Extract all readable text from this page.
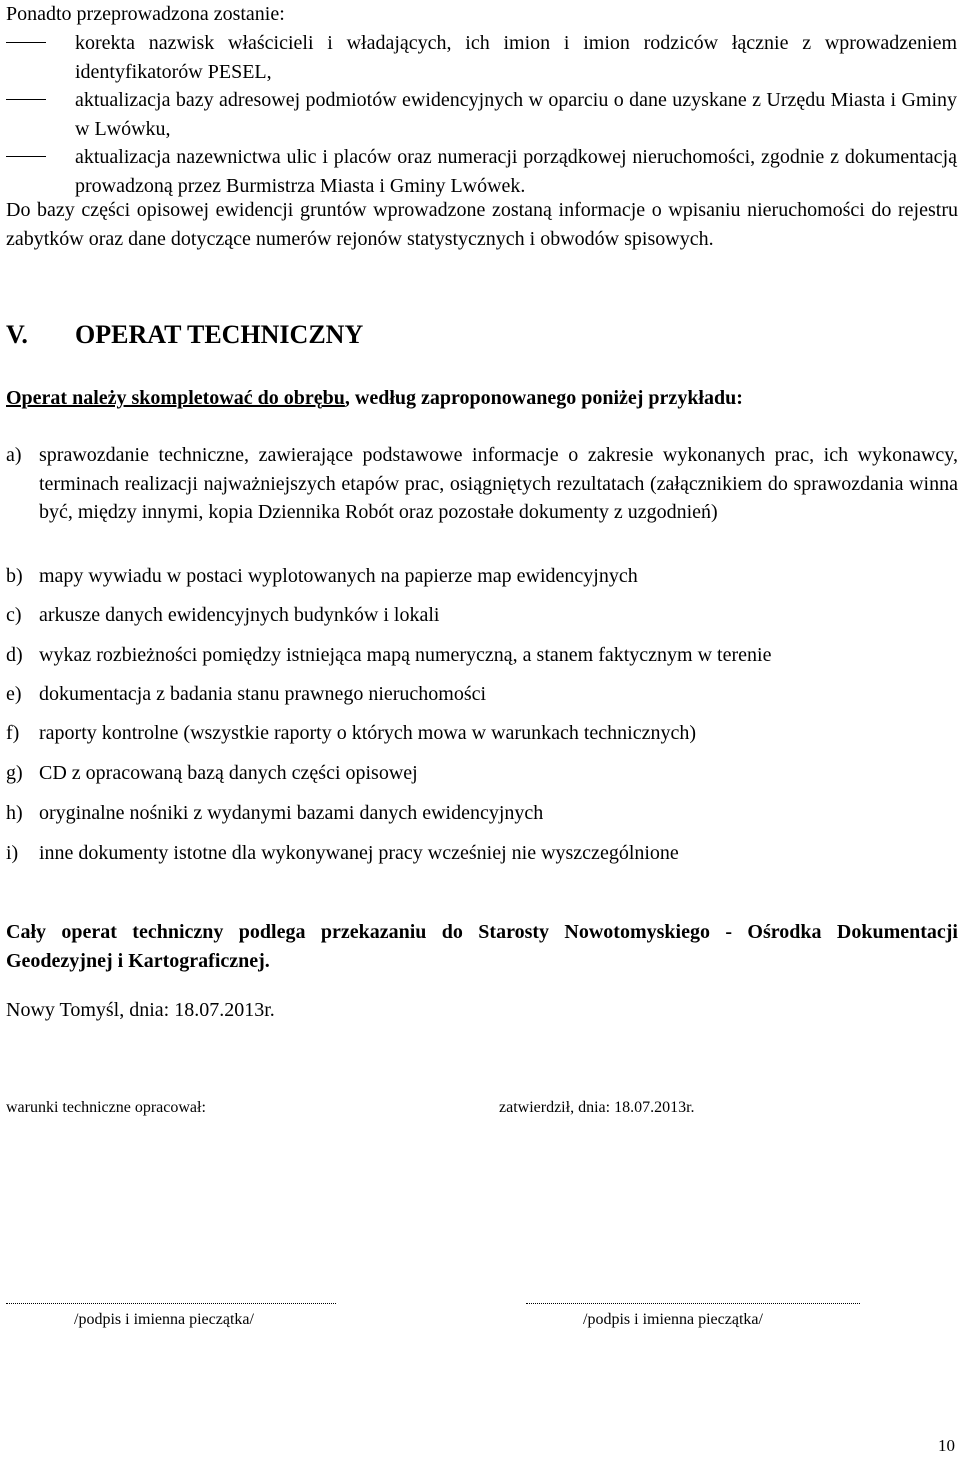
Ponadto przeprowadzona zostanie:
korekta nazwisk właścicieli i władających, ich imion i imion rodziców łącznie z wprowadzeniem identyfikatorów PESEL,
aktualizacja bazy adresowej podmiotów ewidencyjnych w oparciu o dane uzyskane z Urzędu Miasta i Gminy w Lwówku,
aktualizacja nazewnictwa ulic i placów oraz numeracji porządkowej nieruchomości, zgodnie z dokumentacją prowadzoną przez Burmistrza Miasta i Gminy Lwówek.
Do bazy części opisowej ewidencji gruntów wprowadzone zostaną informacje o wpisaniu nieruchomości do rejestru zabytków oraz dane dotyczące numerów rejonów statystycznych i obwodów spisowych.
V. OPERAT TECHNICZNY
Operat należy skompletować do obrębu, według zaproponowanego poniżej przykładu:
a) sprawozdanie techniczne, zawierające podstawowe informacje o zakresie wykonanych prac, ich wykonawcy, terminach realizacji najważniejszych etapów prac, osiągniętych rezultatach (załącznikiem do sprawozdania winna być, między innymi, kopia Dziennika Robót oraz pozostałe dokumenty z uzgodnień)
b) mapy wywiadu w postaci wyplotowanych na papierze map ewidencyjnych
c) arkusze danych ewidencyjnych budynków i lokali
d) wykaz rozbieżności pomiędzy istniejąca mapą numeryczną, a stanem faktycznym w terenie
e) dokumentacja z badania stanu prawnego nieruchomości
f) raporty kontrolne (wszystkie raporty o których mowa w warunkach technicznych)
g) CD z opracowaną bazą danych części opisowej
h) oryginalne nośniki z wydanymi bazami danych ewidencyjnych
i)	inne dokumenty istotne dla wykonywanej pracy wcześniej nie wyszczególnione
Cały operat techniczny podlega przekazaniu do Starosty Nowotomyskiego - Ośrodka Dokumentacji Geodezyjnej i Kartograficznej.
Nowy Tomyśl, dnia: 18.07.2013r.
warunki techniczne opracował:	zatwierdził, dnia: 18.07.2013r.
/podpis i imienna pieczątka/	/podpis i imienna pieczątka/
10
